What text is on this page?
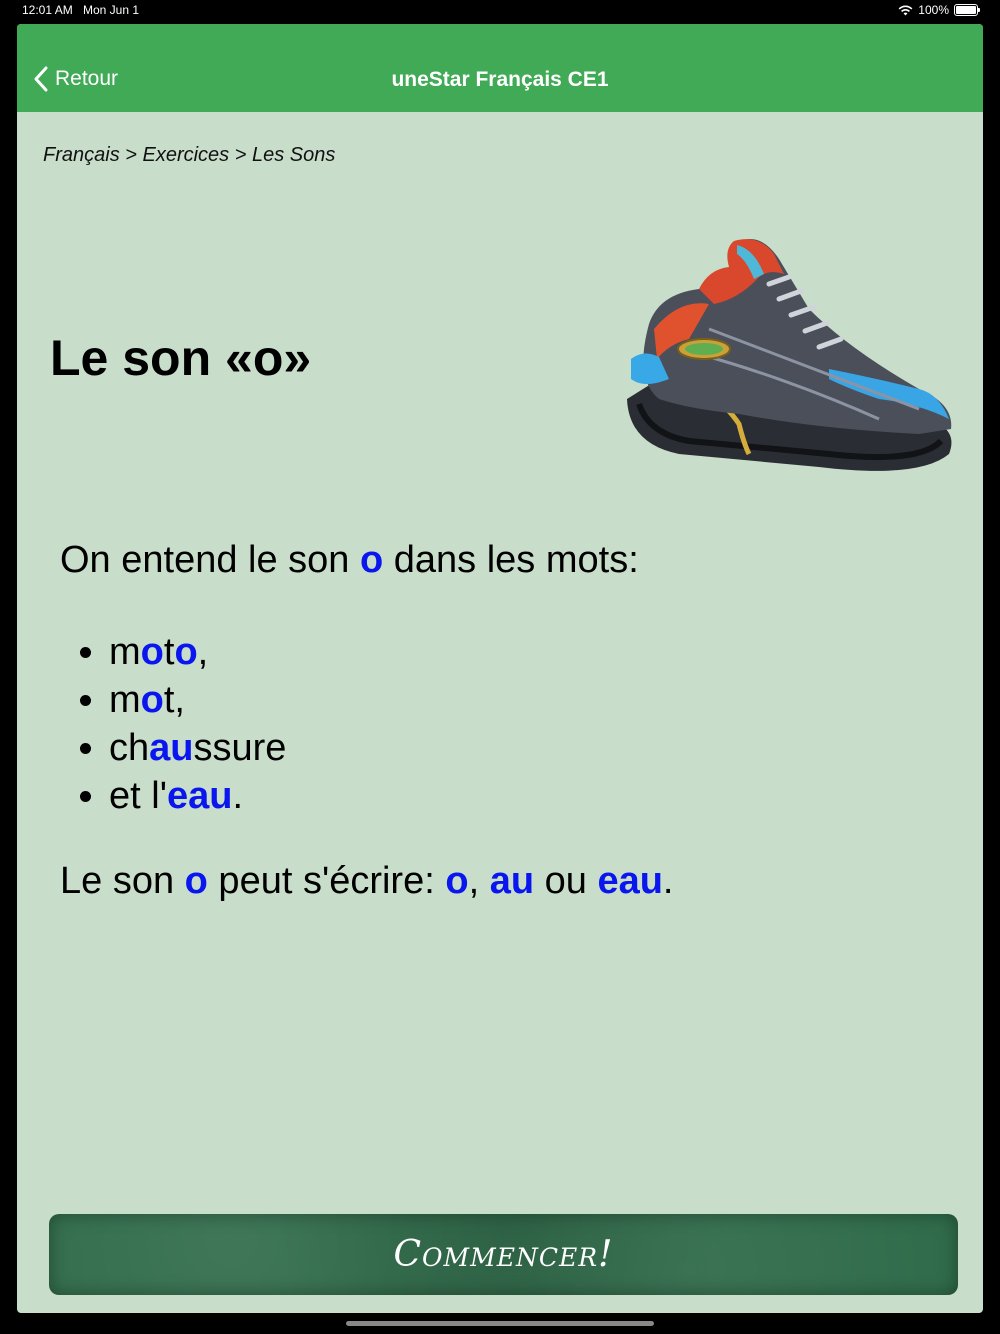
12:01 AM Mon Jun 1	100%
Retour	uneStar Français CE1
Français > Exercices > Les Sons
Le son «o»
On entend le son o dans les mots:
• moto,
• mot,
• chaussure
• et l'eau.
Le son o peut s'écrire: o, au ou eau.
Commencer!
